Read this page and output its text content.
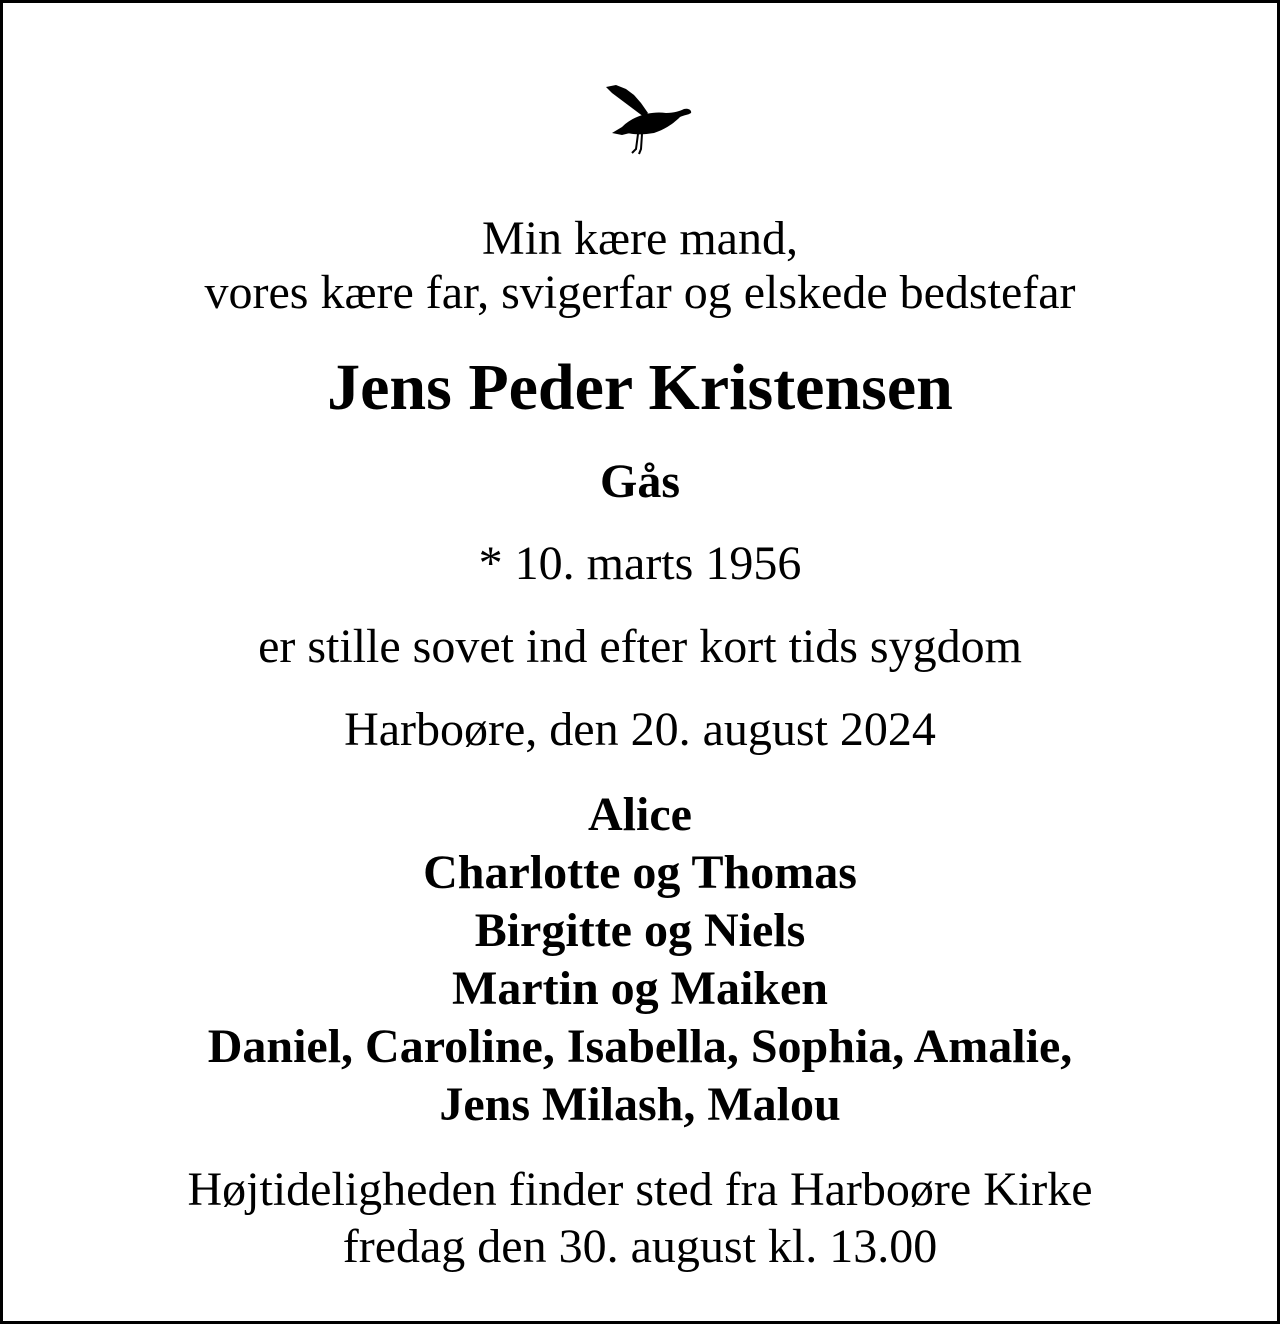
Min kære mand,
vores kære far, svigerfar og elskede bedstefar
Jens Peder Kristensen
Gås
* 10. marts 1956
er stille sovet ind efter kort tids sygdom
Harboøre, den 20. august 2024
Alice
Charlotte og Thomas
Birgitte og Niels
Martin og Maiken
Daniel, Caroline, Isabella, Sophia, Amalie,
Jens Milash, Malou
Højtideligheden finder sted fra Harboøre Kirke
fredag den 30. august kl. 13.00
